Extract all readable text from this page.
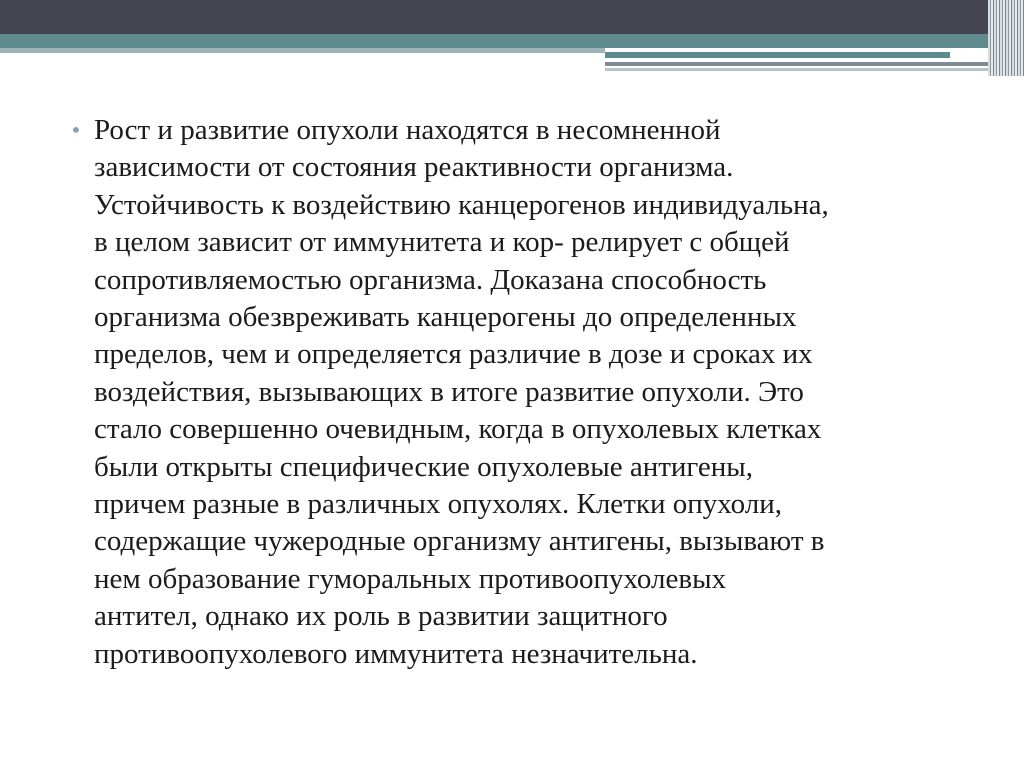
• Рост и развитие опухоли находятся в несомненной
зависимости от состояния реактивности организма.
Устойчивость к воздействию канцерогенов индивидуальна,
в целом зависит от иммунитета и кор- релирует с общей
сопротивляемостью организма. Доказана способность
организма обезвреживать канцерогены до определенных
пределов, чем и определяется различие в дозе и сроках их
воздействия, вызывающих в итоге развитие опухоли. Это
стало совершенно очевидным, когда в опухолевых клетках
были открыты специфические опухолевые антигены,
причем разные в различных опухолях. Клетки опухоли,
содержащие чужеродные организму антигены, вызывают в
нем образование гуморальных противоопухолевых
антител, однако их роль в развитии защитного
противоопухолевого иммунитета незначительна.
